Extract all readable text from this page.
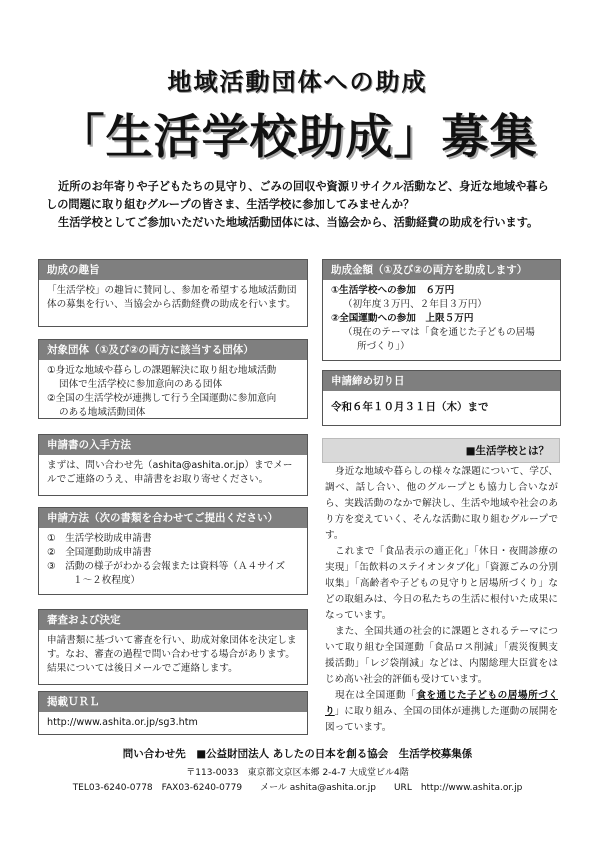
地域活動団体への助成
「生活学校助成」募集

近所のお年寄りや子どもたちの見守り、ごみの回収や資源リサイクル活動など、身近な地域や暮らしの問題に取り組むグループの皆さま、生活学校に参加してみませんか？

生活学校としてご参加いただいた地域活動団体には、当協会から、活動経費の助成を行います。

助成の趣旨
「生活学校」の趣旨に賛同し、参加を希望する地域活動団体の募集を行い、当協会から活動経費の助成を行います。
対象団体（①及び②の両方に該当する団体）

①身近な地域や暮らしの課題解決に取り組む地域活動

団体で生活学校に参加意向のある団体

②全国の生活学校が連携して行う全国運動に参加意向

のある地域活動団体

申請書の入手方法
まずは、問い合わせ先（ashita@ashita.or.jp）までメールでご連絡のうえ、申請書をお取り寄せください。
申請方法（次の書類を合わせてご提出ください）

①　生活学校助成申請書

②　全国運動助成申請書

③　活動の様子がわかる会報または資料等（Ａ４サイズ

１～２枚程度）

審査および決定
申請書類に基づいて審査を行い、助成対象団体を決定します。なお、審査の過程で問い合わせする場合があります。結果については後日メールでご連絡します。
掲載ＵＲＬ
http://www.ashita.or.jp/sg3.htm
助成金額（①及び②の両方を助成します）

①生活学校への参加　６万円

（初年度３万円、２年目３万円）

②全国運動への参加　上限５万円

（現在のテーマは「食を通じた子どもの居場

所づくり」）

申請締め切り日
令和６年１０月３１日（木）まで
■生活学校とは？

身近な地域や暮らしの様々な課題について、学び、調べ、話し合い、他のグループとも協力し合いながら、実践活動のなかで解決し、生活や地域や社会のあり方を変えていく、そんな活動に取り組むグループです。

これまで「食品表示の適正化」「休日・夜間診療の実現」「缶飲料のステイオンタブ化」「資源ごみの分別収集」「高齢者や子どもの見守りと居場所づくり」などの取組みは、今日の私たちの生活に根付いた成果になっています。

また、全国共通の社会的に課題とされるテーマについて取り組む全国運動「食品ロス削減」「震災復興支援活動」「レジ袋削減」などは、内閣総理大臣賞をはじめ高い社会的評価も受けています。

現在は全国運動「食を通じた子どもの居場所づくり」に取り組み、全国の団体が連携した運動の展開を図っています。

問い合わせ先　■公益財団法人 あしたの日本を創る協会　生活学校募集係
〒113-0033　東京都文京区本郷 2-4-7 大成堂ビル4階
TEL03-6240-0778　FAX03-6240-0779　　メール ashita@ashita.or.jp　　URL　http://www.ashita.or.jp
